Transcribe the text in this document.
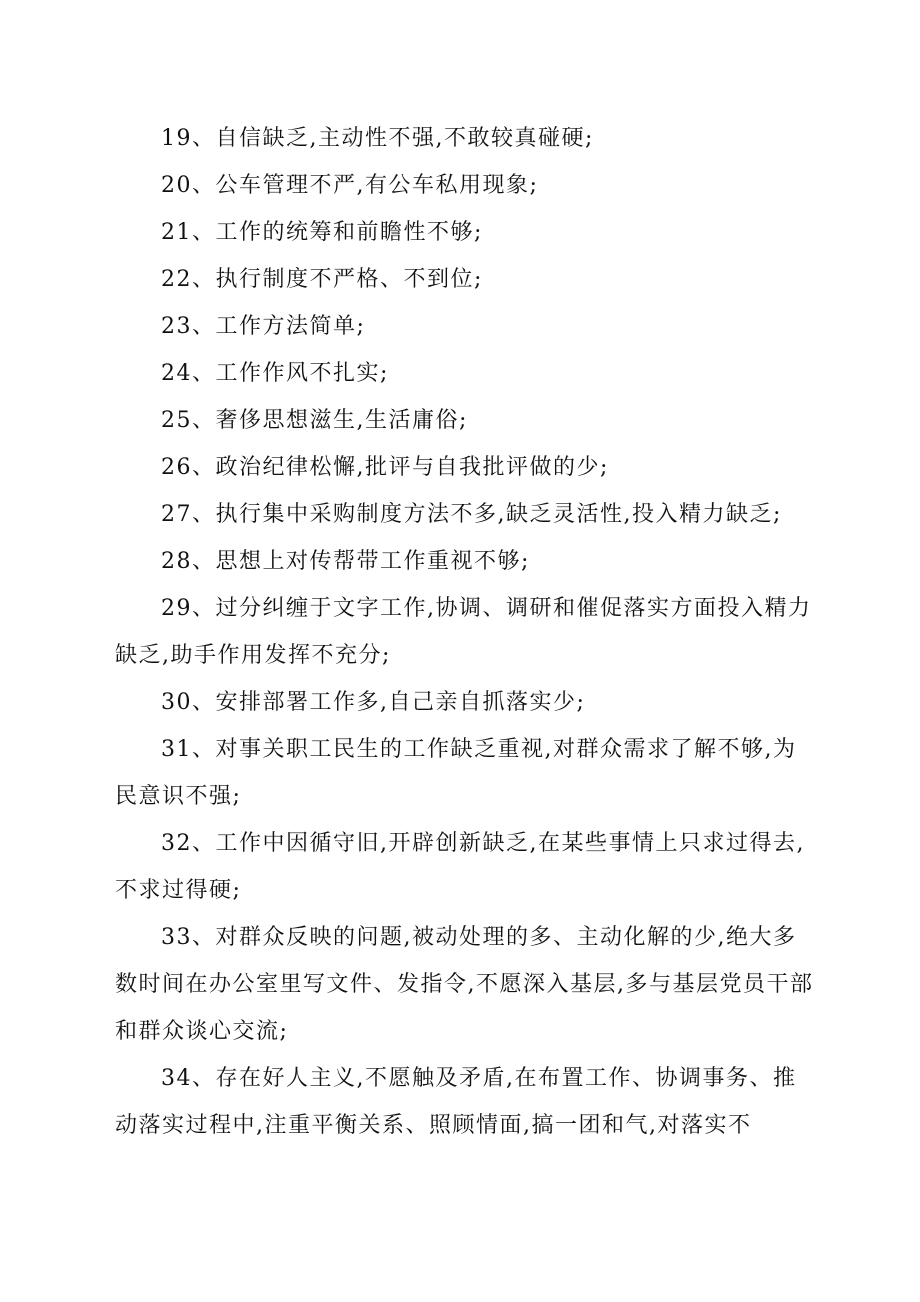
19、自信缺乏,主动性不强,不敢较真碰硬;

20、公车管理不严,有公车私用现象;

21、工作的统筹和前瞻性不够;

22、执行制度不严格、不到位;

23、工作方法简单;

24、工作作风不扎实;

25、奢侈思想滋生,生活庸俗;

26、政治纪律松懈,批评与自我批评做的少;

27、执行集中采购制度方法不多,缺乏灵活性,投入精力缺乏;

28、思想上对传帮带工作重视不够;

29、过分纠缠于文字工作,协调、调研和催促落实方面投入精力缺乏,助手作用发挥不充分;

30、安排部署工作多,自己亲自抓落实少;

31、对事关职工民生的工作缺乏重视,对群众需求了解不够,为民意识不强;

32、工作中因循守旧,开辟创新缺乏,在某些事情上只求过得去,不求过得硬;

33、对群众反映的问题,被动处理的多、主动化解的少,绝大多数时间在办公室里写文件、发指令,不愿深入基层,多与基层党员干部和群众谈心交流;

34、存在好人主义,不愿触及矛盾,在布置工作、协调事务、推动落实过程中,注重平衡关系、照顾情面,搞一团和气,对落实不
